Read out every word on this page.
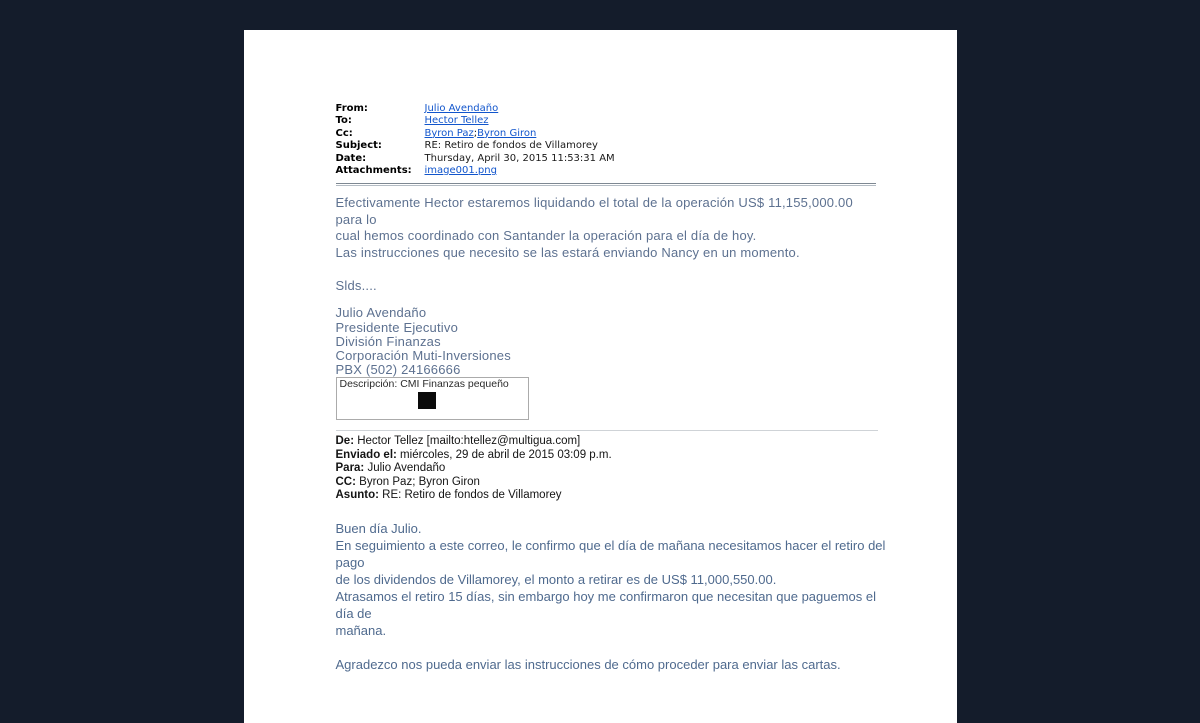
From:	Julio Avendaño
To:	Hector Tellez
Cc:	Byron Paz ; Byron Giron
Subject:	RE: Retiro de fondos de Villamorey
Date:	Thursday, April 30, 2015 11:53:31 AM
Attachments:	image001.png
Efectivamente Hector estaremos liquidando el total de la operación US$ 11,155,000.00 para lo
cual hemos coordinado con Santander la operación para el día de hoy.
Las instrucciones que necesito se las estará enviando Nancy en un momento.
Slds....
Julio Avendaño
Presidente Ejecutivo
División Finanzas
Corporación Muti-Inversiones
PBX (502) 24166666
Descripción: CMI Finanzas pequeño
De: Hector Tellez [mailto:htellez@multigua.com]
Enviado el: miércoles, 29 de abril de 2015 03:09 p.m.
Para: Julio Avendaño
CC: Byron Paz; Byron Giron
Asunto: RE: Retiro de fondos de Villamorey
Buen día Julio.
En seguimiento a este correo, le confirmo que el día de mañana necesitamos hacer el retiro del pago
de los dividendos de Villamorey, el monto a retirar es de US$ 11,000,550.00.
Atrasamos el retiro 15 días, sin embargo hoy me confirmaron que necesitan que paguemos el día de
mañana.
Agradezco nos pueda enviar las instrucciones de cómo proceder para enviar las cartas.
